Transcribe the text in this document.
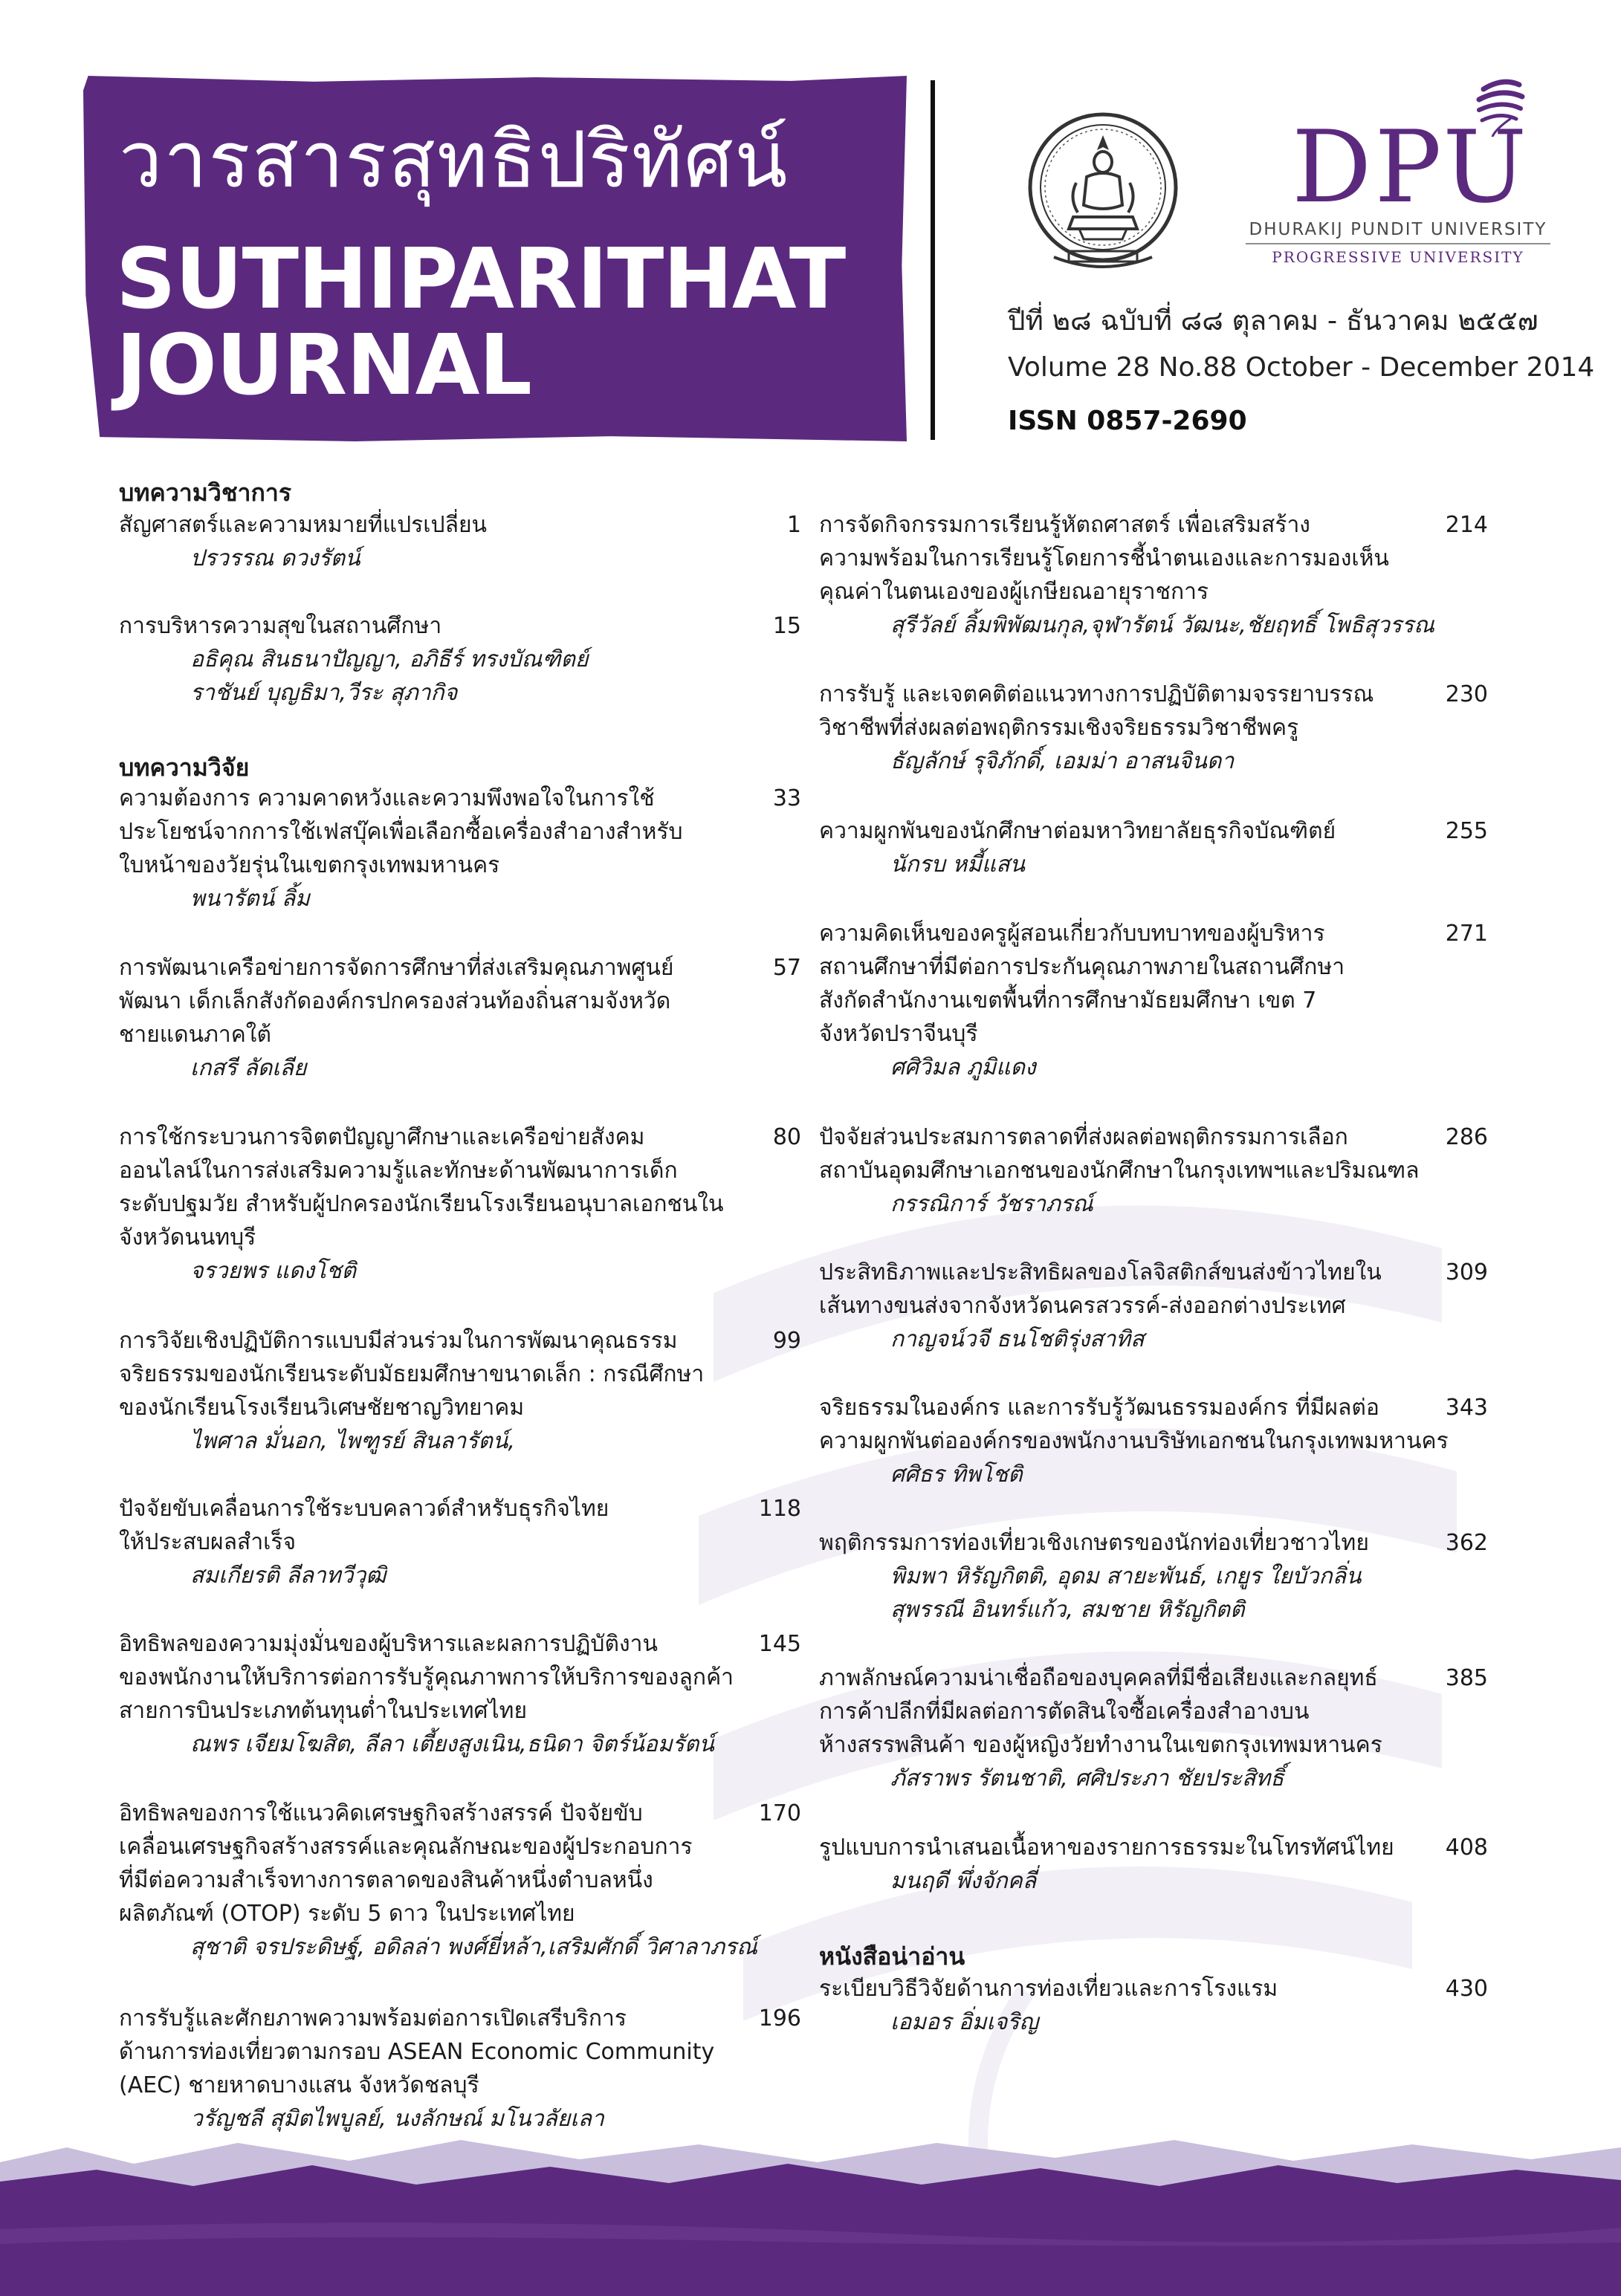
วารสารสุทธิปริทัศน์
SUTHIPARITHAT
JOURNAL
DPU
DHURAKIJ PUNDIT UNIVERSITY
PROGRESSIVE UNIVERSITY
ปีที่ ๒๘ ฉบับที่ ๘๘ ตุลาคม - ธันวาคม ๒๕๕๗
Volume 28 No.88 October - December 2014
ISSN 0857-2690
บทความวิชาการ
สัญศาสตร์และความหมายที่แปรเปลี่ยน
ปรวรรณ ดวงรัตน์
1
การบริหารความสุขในสถานศึกษา
อธิคุณ สินธนาปัญญา, อภิธีร์ ทรงบัณฑิตย์
ราชันย์ บุญธิมา,วีระ สุภากิจ
15
บทความวิจัย
ความต้องการ ความคาดหวังและความพึงพอใจในการใช้
ประโยชน์จากการใช้เฟสบุ๊คเพื่อเลือกซื้อเครื่องสำอางสำหรับ
ใบหน้าของวัยรุ่นในเขตกรุงเทพมหานคร
พนารัตน์ ลิ้ม
33
การพัฒนาเครือข่ายการจัดการศึกษาที่ส่งเสริมคุณภาพศูนย์
พัฒนา เด็กเล็กสังกัดองค์กรปกครองส่วนท้องถิ่นสามจังหวัด
ชายแดนภาคใต้
เกสรี ลัดเลีย
57
การใช้กระบวนการจิตตปัญญาศึกษาและเครือข่ายสังคม
ออนไลน์ในการส่งเสริมความรู้และทักษะด้านพัฒนาการเด็ก
ระดับปฐมวัย สำหรับผู้ปกครองนักเรียนโรงเรียนอนุบาลเอกชนใน
จังหวัดนนทบุรี
จรวยพร แดงโชติ
80
การวิจัยเชิงปฏิบัติการแบบมีส่วนร่วมในการพัฒนาคุณธรรม
จริยธรรมของนักเรียนระดับมัธยมศึกษาขนาดเล็ก : กรณีศึกษา
ของนักเรียนโรงเรียนวิเศษชัยชาญวิทยาคม
ไพศาล มั่นอก, ไพฑูรย์ สินลารัตน์,
99
ปัจจัยขับเคลื่อนการใช้ระบบคลาวด์สำหรับธุรกิจไทย
ให้ประสบผลสำเร็จ
สมเกียรติ ลีลาทวีวุฒิ
118
อิทธิพลของความมุ่งมั่นของผู้บริหารและผลการปฏิบัติงาน
ของพนักงานให้บริการต่อการรับรู้คุณภาพการให้บริการของลูกค้า
สายการบินประเภทต้นทุนต่ำในประเทศไทย
ณพร เจียมโฆสิต, ลีลา เตี้ยงสูงเนิน,ธนิดา จิตร์น้อมรัตน์
145
อิทธิพลของการใช้แนวคิดเศรษฐกิจสร้างสรรค์ ปัจจัยขับ
เคลื่อนเศรษฐกิจสร้างสรรค์และคุณลักษณะของผู้ประกอบการ
ที่มีต่อความสำเร็จทางการตลาดของสินค้าหนึ่งตำบลหนึ่ง
ผลิตภัณฑ์ (OTOP) ระดับ 5 ดาว ในประเทศไทย
สุชาติ จรประดิษฐ์, อดิลล่า พงศ์ยี่หล้า,เสริมศักดิ์ วิศาลาภรณ์
170
การรับรู้และศักยภาพความพร้อมต่อการเปิดเสรีบริการ
ด้านการท่องเที่ยวตามกรอบ ASEAN Economic Community
(AEC) ชายหาดบางแสน จังหวัดชลบุรี
วรัญชลี สุมิตไพบูลย์, นงลักษณ์ มโนวลัยเลา
196
การจัดกิจกรรมการเรียนรู้หัตถศาสตร์ เพื่อเสริมสร้าง
ความพร้อมในการเรียนรู้โดยการชี้นำตนเองและการมองเห็น
คุณค่าในตนเองของผู้เกษียณอายุราชการ
สุรีวัลย์ ลิ้มพิพัฒนกุล,จุฬารัตน์ วัฒนะ,ชัยฤทธิ์ โพธิสุวรรณ
214
การรับรู้ และเจตคติต่อแนวทางการปฏิบัติตามจรรยาบรรณ
วิชาชีพที่ส่งผลต่อพฤติกรรมเชิงจริยธรรมวิชาชีพครู
ธัญลักษ์ รุจิภักดิ์, เอมม่า อาสนจินดา
230
ความผูกพันของนักศึกษาต่อมหาวิทยาลัยธุรกิจบัณฑิตย์
นักรบ หมี้แสน
255
ความคิดเห็นของครูผู้สอนเกี่ยวกับบทบาทของผู้บริหาร
สถานศึกษาที่มีต่อการประกันคุณภาพภายในสถานศึกษา
สังกัดสำนักงานเขตพื้นที่การศึกษามัธยมศึกษา เขต 7
จังหวัดปราจีนบุรี
ศศิวิมล ภูมิแดง
271
ปัจจัยส่วนประสมการตลาดที่ส่งผลต่อพฤติกรรมการเลือก
สถาบันอุดมศึกษาเอกชนของนักศึกษาในกรุงเทพฯและปริมณฑล
กรรณิการ์ วัชราภรณ์
286
ประสิทธิภาพและประสิทธิผลของโลจิสติกส์ขนส่งข้าวไทยใน
เส้นทางขนส่งจากจังหวัดนครสวรรค์-ส่งออกต่างประเทศ
กาญจน์วจี ธนโชติรุ่งสาทิส
309
จริยธรรมในองค์กร และการรับรู้วัฒนธรรมองค์กร ที่มีผลต่อ
ความผูกพันต่อองค์กรของพนักงานบริษัทเอกชนในกรุงเทพมหานคร
ศศิธร ทิพโชติ
343
พฤติกรรมการท่องเที่ยวเชิงเกษตรของนักท่องเที่ยวชาวไทย
พิมพา หิรัญกิตติ, อุดม สายะพันธ์, เกยูร ใยบัวกลิ่น
สุพรรณี อินทร์แก้ว, สมชาย หิรัญกิตติ
362
ภาพลักษณ์ความน่าเชื่อถือของบุคคลที่มีชื่อเสียงและกลยุทธ์
การค้าปลีกที่มีผลต่อการตัดสินใจซื้อเครื่องสำอางบน
ห้างสรรพสินค้า ของผู้หญิงวัยทำงานในเขตกรุงเทพมหานคร
ภัสราพร รัตนชาติ, ศศิประภา ชัยประสิทธิ์
385
รูปแบบการนำเสนอเนื้อหาของรายการธรรมะในโทรทัศน์ไทย
มนฤดี พึ่งจักคลี่
408
หนังสือน่าอ่าน
ระเบียบวิธีวิจัยด้านการท่องเที่ยวและการโรงแรม
เอมอร อิ่มเจริญ
430
